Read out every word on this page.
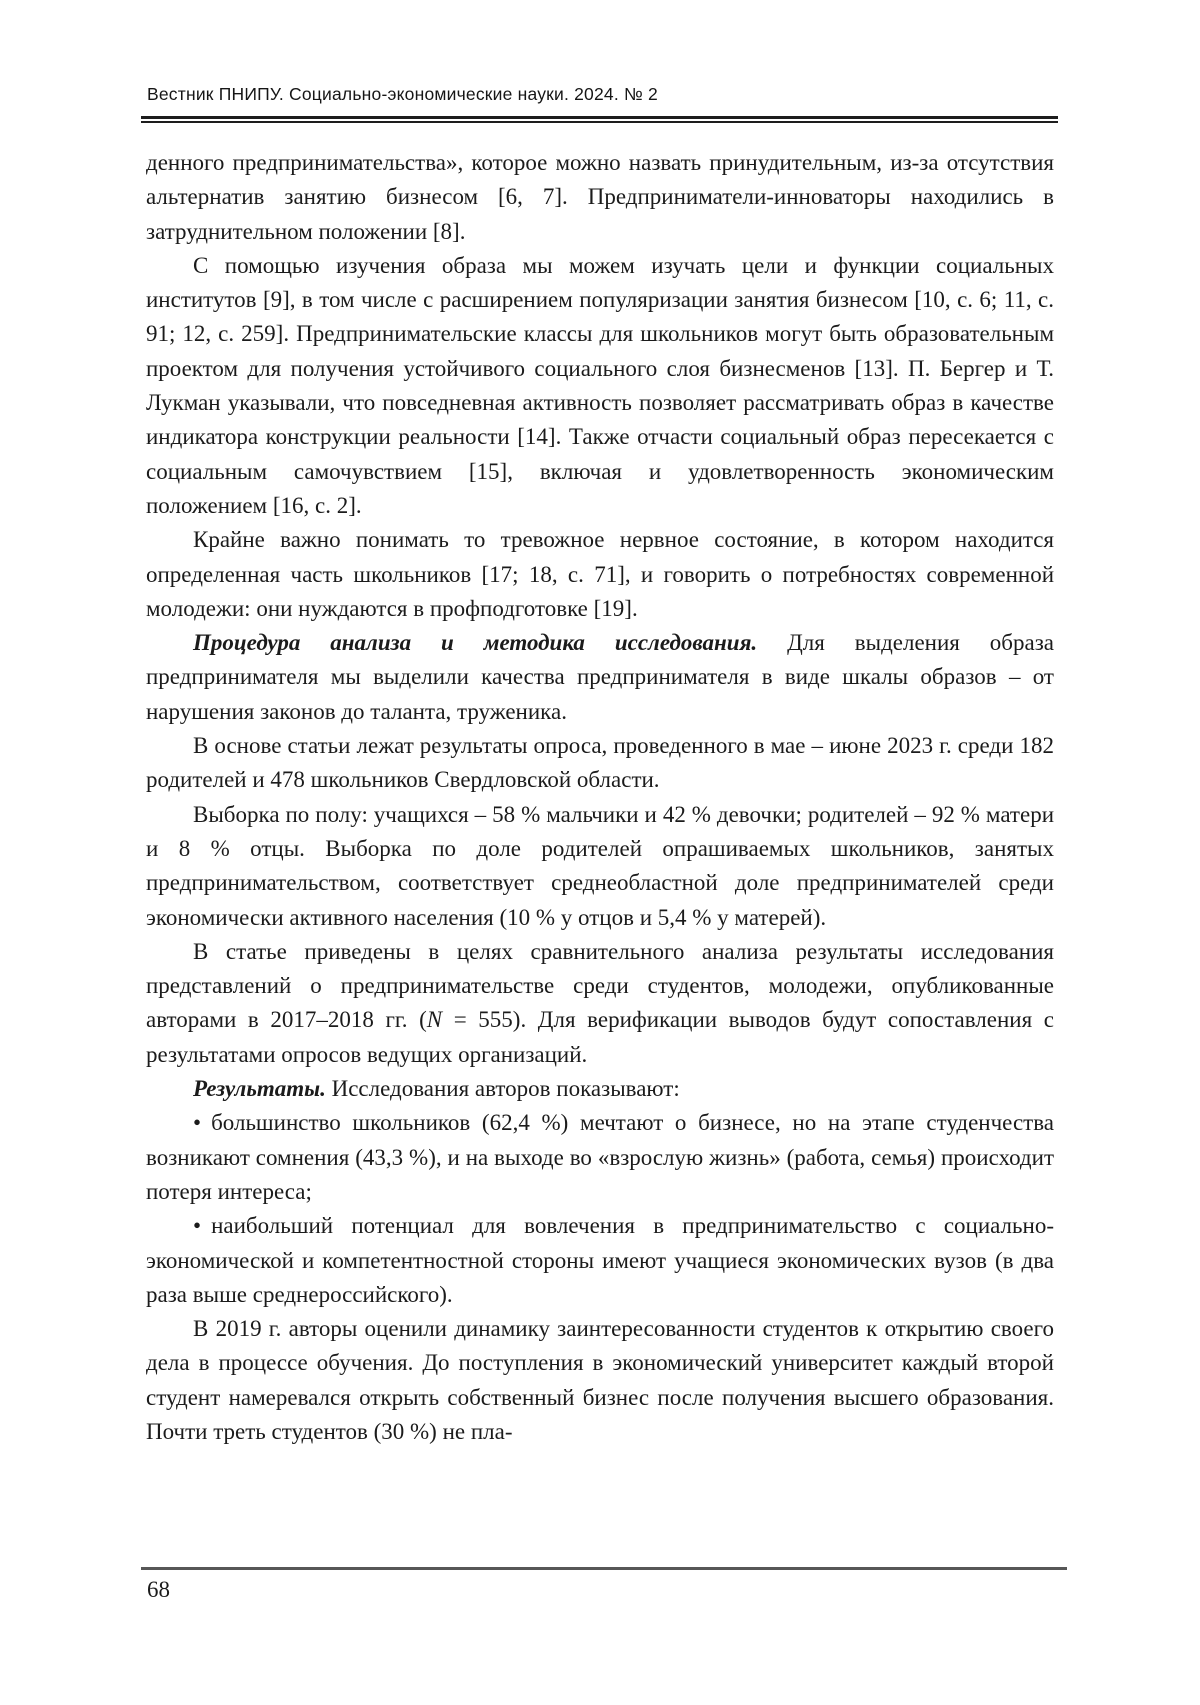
Вестник ПНИПУ. Социально-экономические науки. 2024. № 2

денного предпринимательства», которое можно назвать принудительным, из-за отсутствия альтернатив занятию бизнесом [6, 7]. Предприниматели-инноваторы находились в затруднительном положении [8].

С помощью изучения образа мы можем изучать цели и функции социальных институтов [9], в том числе с расширением популяризации занятия бизнесом [10, с. 6; 11, с. 91; 12, с. 259]. Предпринимательские классы для школьников могут быть образовательным проектом для получения устойчивого социального слоя бизнесменов [13]. П. Бергер и Т. Лукман указывали, что повседневная активность позволяет рассматривать образ в качестве индикатора конструкции реальности [14]. Также отчасти социальный образ пересекается с социальным самочувствием [15], включая и удовлетворенность экономическим положением [16, с. 2].

Крайне важно понимать то тревожное нервное состояние, в котором находится определенная часть школьников [17; 18, с. 71], и говорить о потребностях современной молодежи: они нуждаются в профподготовке [19].

Процедура анализа и методика исследования. Для выделения образа предпринимателя мы выделили качества предпринимателя в виде шкалы образов – от нарушения законов до таланта, труженика.

В основе статьи лежат результаты опроса, проведенного в мае – июне 2023 г. среди 182 родителей и 478 школьников Свердловской области.

Выборка по полу: учащихся – 58 % мальчики и 42 % девочки; родителей – 92 % матери и 8 % отцы. Выборка по доле родителей опрашиваемых школьников, занятых предпринимательством, соответствует среднеобластной доле предпринимателей среди экономически активного населения (10 % у отцов и 5,4 % у матерей).

В статье приведены в целях сравнительного анализа результаты исследования представлений о предпринимательстве среди студентов, молодежи, опубликованные авторами в 2017–2018 гг. (N = 555). Для верификации выводов будут сопоставления с результатами опросов ведущих организаций.

Результаты. Исследования авторов показывают:

• большинство школьников (62,4 %) мечтают о бизнесе, но на этапе студенчества возникают сомнения (43,3 %), и на выходе во «взрослую жизнь» (работа, семья) происходит потеря интереса;

• наибольший потенциал для вовлечения в предпринимательство с социально-экономической и компетентностной стороны имеют учащиеся экономических вузов (в два раза выше среднероссийского).

В 2019 г. авторы оценили динамику заинтересованности студентов к открытию своего дела в процессе обучения. До поступления в экономический университет каждый второй студент намеревался открыть собственный бизнес после получения высшего образования. Почти треть студентов (30 %) не пла-

68
